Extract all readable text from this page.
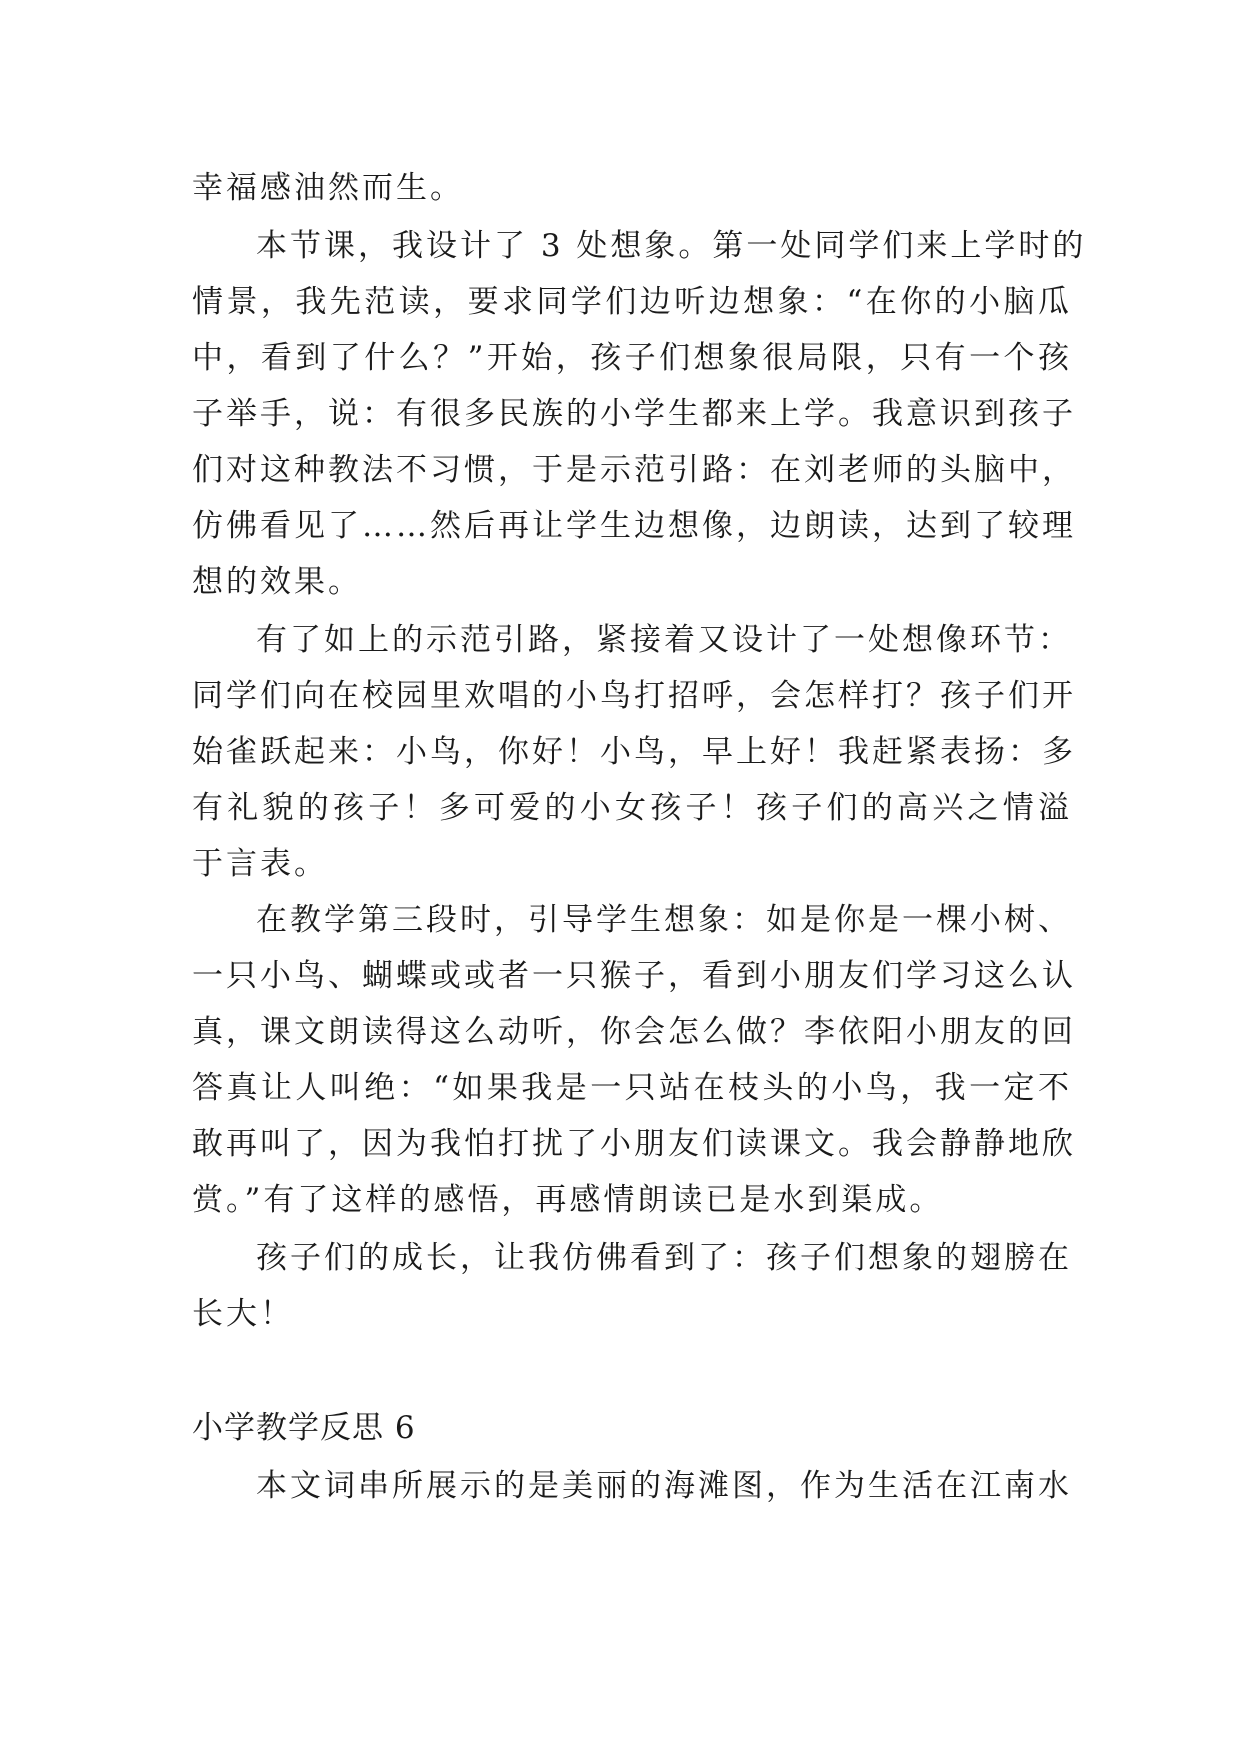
幸福感油然而生。
本节课，我设计了 3 处想象。第一处同学们来上学时的
情景，我先范读，要求同学们边听边想象：“在你的小脑瓜
中，看到了什么？”开始，孩子们想象很局限，只有一个孩
子举手，说：有很多民族的小学生都来上学。我意识到孩子
们对这种教法不习惯，于是示范引路：在刘老师的头脑中，
仿佛看见了……然后再让学生边想像，边朗读，达到了较理
想的效果。
有了如上的示范引路，紧接着又设计了一处想像环节：
同学们向在校园里欢唱的小鸟打招呼，会怎样打？孩子们开
始雀跃起来：小鸟，你好！小鸟，早上好！我赶紧表扬：多
有礼貌的孩子！多可爱的小女孩子！孩子们的高兴之情溢
于言表。
在教学第三段时，引导学生想象：如是你是一棵小树、
一只小鸟、蝴蝶或或者一只猴子，看到小朋友们学习这么认
真，课文朗读得这么动听，你会怎么做？李依阳小朋友的回
答真让人叫绝：“如果我是一只站在枝头的小鸟，我一定不
敢再叫了，因为我怕打扰了小朋友们读课文。我会静静地欣
赏。”有了这样的感悟，再感情朗读已是水到渠成。
孩子们的成长，让我仿佛看到了：孩子们想象的翅膀在
长大！
小学教学反思 6
本文词串所展示的是美丽的海滩图，作为生活在江南水
